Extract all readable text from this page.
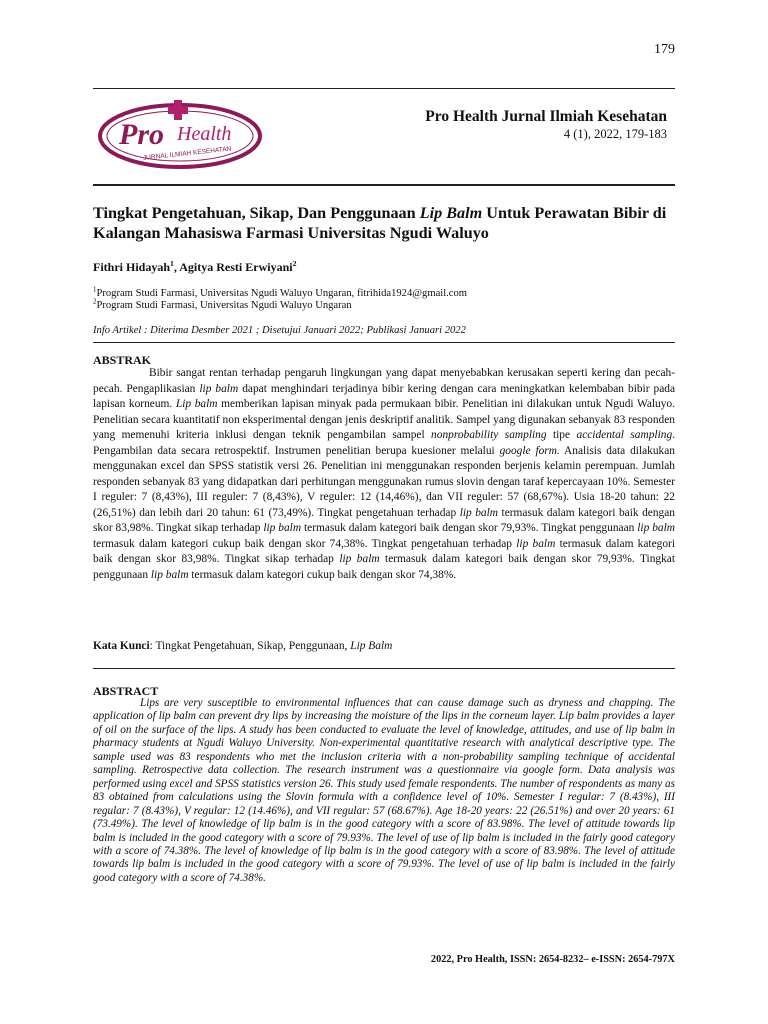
179
Pro Health
JURNAL ILMIAH KESEHATAN
Pro Health Jurnal Ilmiah Kesehatan
4 (1), 2022, 179-183
Tingkat Pengetahuan, Sikap, Dan Penggunaan Lip Balm Untuk Perawatan Bibir di Kalangan Mahasiswa Farmasi Universitas Ngudi Waluyo
Fithri Hidayah$^1$, Agitya Resti Erwiyani$^2$
$^1$Program Studi Farmasi, Universitas Ngudi Waluyo Ungaran, fitrihida1924@gmail.com
$^2$Program Studi Farmasi, Universitas Ngudi Waluyo Ungaran
Info Artikel : Diterima Desmber 2021 ; Disetujui Januari 2022; Publikasi Januari 2022
ABSTRAK
Bibir sangat rentan terhadap pengaruh lingkungan yang dapat menyebabkan kerusakan seperti kering dan pecah-pecah. Pengaplikasian lip balm dapat menghindari terjadinya bibir kering dengan cara meningkatkan kelembaban bibir pada lapisan korneum. Lip balm memberikan lapisan minyak pada permukaan bibir. Penelitian ini dilakukan untuk Ngudi Waluyo. Penelitian secara kuantitatif non eksperimental dengan jenis deskriptif analitik. Sampel yang digunakan sebanyak 83 responden yang memenuhi kriteria inklusi dengan teknik pengambilan sampel nonprobability sampling tipe accidental sampling. Pengambilan data secara retrospektif. Instrumen penelitian berupa kuesioner melalui google form. Analisis data dilakukan menggunakan excel dan SPSS statistik versi 26. Penelitian ini menggunakan responden berjenis kelamin perempuan. Jumlah responden sebanyak 83 yang didapatkan dari perhitungan menggunakan rumus slovin dengan taraf kepercayaan 10%. Semester I reguler: 7 (8,43%), III reguler: 7 (8,43%), V reguler: 12 (14,46%), dan VII reguler: 57 (68,67%). Usia 18-20 tahun: 22 (26,51%) dan lebih dari 20 tahun: 61 (73,49%). Tingkat pengetahuan terhadap lip balm termasuk dalam kategori baik dengan skor 83,98%. Tingkat sikap terhadap lip balm termasuk dalam kategori baik dengan skor 79,93%. Tingkat penggunaan lip balm termasuk dalam kategori cukup baik dengan skor 74,38%. Tingkat pengetahuan terhadap lip balm termasuk dalam kategori baik dengan skor 83,98%. Tingkat sikap terhadap lip balm termasuk dalam kategori baik dengan skor 79,93%. Tingkat penggunaan lip balm termasuk dalam kategori cukup baik dengan skor 74,38%.
Kata Kunci: Tingkat Pengetahuan, Sikap, Penggunaan, Lip Balm
ABSTRACT
Lips are very susceptible to environmental influences that can cause damage such as dryness and chapping. The application of lip balm can prevent dry lips by increasing the moisture of the lips in the corneum layer. Lip balm provides a layer of oil on the surface of the lips. A study has been conducted to evaluate the level of knowledge, attitudes, and use of lip balm in pharmacy students at Ngudi Waluyo University. Non-experimental quantitative research with analytical descriptive type. The sample used was 83 respondents who met the inclusion criteria with a non-probability sampling technique of accidental sampling. Retrospective data collection. The research instrument was a questionnaire via google form. Data analysis was performed using excel and SPSS statistics version 26. This study used female respondents. The number of respondents as many as 83 obtained from calculations using the Slovin formula with a confidence level of 10%. Semester I regular: 7 (8.43%), III regular: 7 (8.43%), V regular: 12 (14.46%), and VII regular: 57 (68.67%). Age 18-20 years: 22 (26.51%) and over 20 years: 61 (73.49%). The level of knowledge of lip balm is in the good category with a score of 83.98%. The level of attitude towards lip balm is included in the good category with a score of 79.93%. The level of use of lip balm is included in the fairly good category with a score of 74.38%. The level of knowledge of lip balm is in the good category with a score of 83.98%. The level of attitude towards lip balm is included in the good category with a score of 79.93%. The level of use of lip balm is included in the fairly good category with a score of 74.38%.
2022, Pro Health, ISSN: 2654-8232– e-ISSN: 2654-797X
